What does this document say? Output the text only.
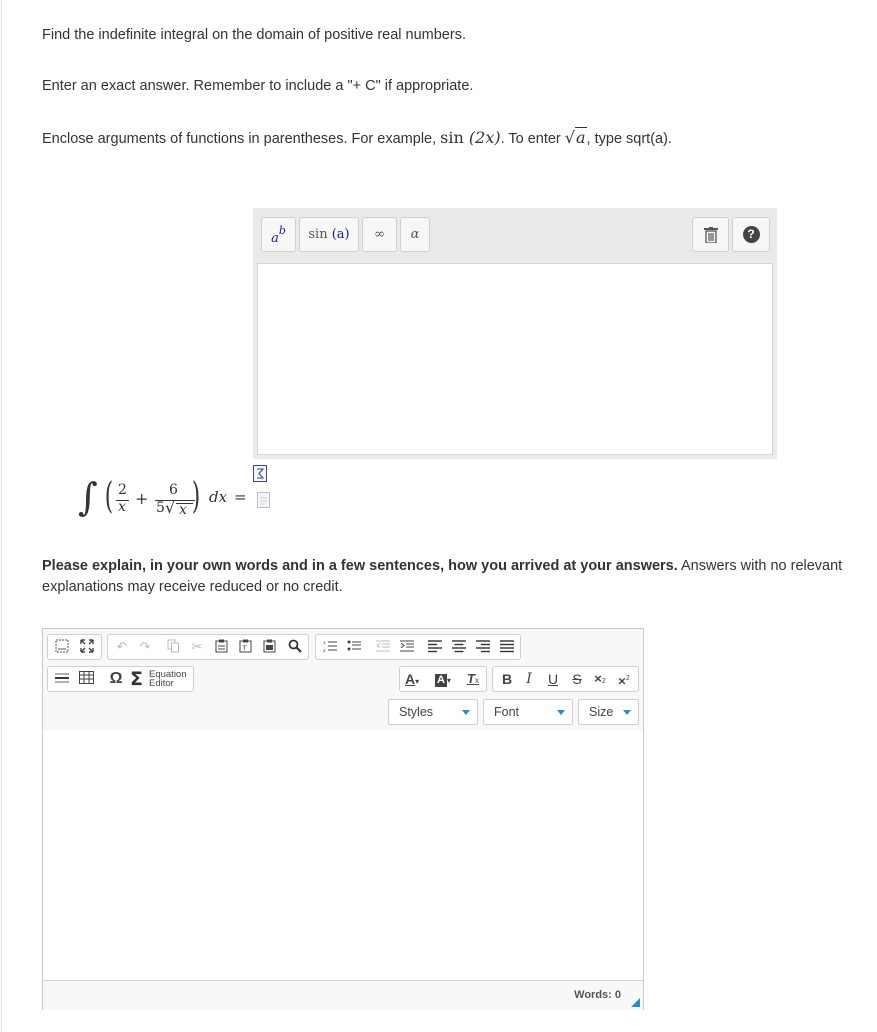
Find the indefinite integral on the domain of positive real numbers.

Enter an exact answer. Remember to include a "+ C" if appropriate.

Enclose arguments of functions in parentheses. For example, sin (2x). To enter √a, type sqrt(a).

a
b sin
(a) ∞ α	?
∫ ( 2
x + 6
5 √ x ) dx =

Please explain, in your own words and in a few sentences, how you arrived at your answers. Answers with no relevant explanations may receive reduced or no credit.

↶ ↷	✂	T
1
2
Ω Σ Equation
Editor	A▾	A ▾	Tx B	I	U	S ×2 ×$^2$
Styles	Font	Size
Words: 0
